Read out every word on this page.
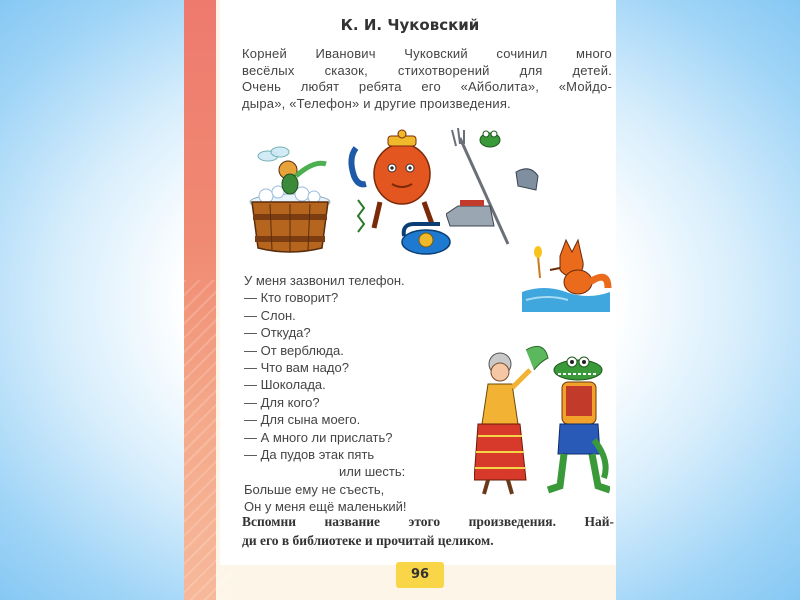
К. И. Чуковский
Корней Иванович Чуковский сочинил много
весёлых сказок, стихотворений для детей.
Очень любят ребята его «Айболита», «Мойдо-
дыра», «Телефон» и другие произведения.
У меня зазвонил телефон.
— Кто говорит?
— Слон.
— Откуда?
— От верблюда.
— Что вам надо?
— Шоколада.
— Для кого?
— Для сына моего.
— А много ли прислать?
— Да пудов этак пять
или шесть:
Больше ему не съесть,
Он у меня ещё маленький!
Вспомни название этого произведения. Най-
ди его в библиотеке и прочитай целиком.
96
